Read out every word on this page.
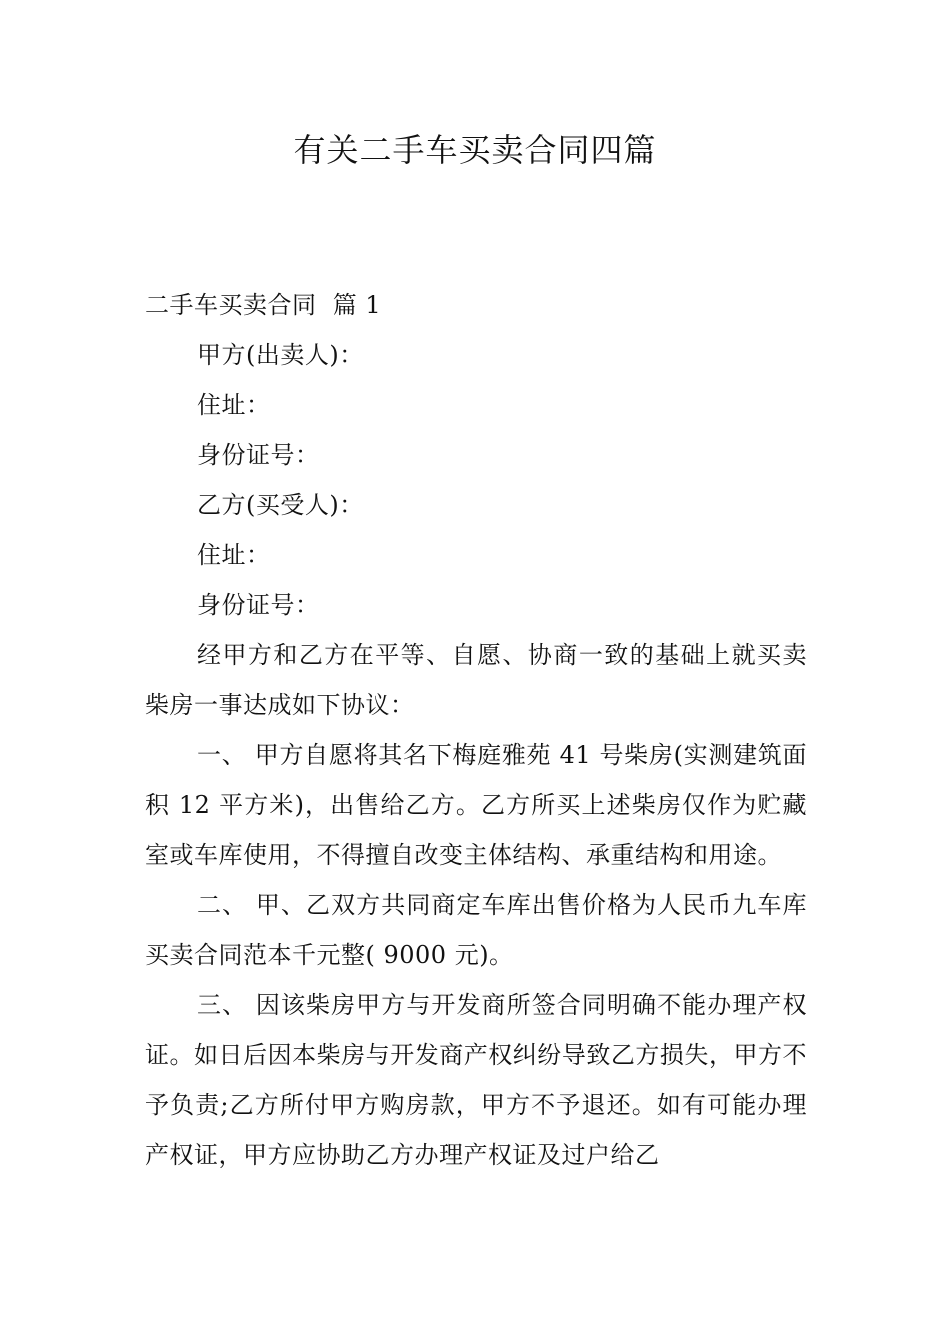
有关二手车买卖合同四篇
二手车买卖合同  篇 1
甲方(出卖人)：
住址：
身份证号：
乙方(买受人)：
住址：
身份证号：

经甲方和乙方在平等、自愿、协商一致的基础上就买卖柴房一事达成如下协议：

一、 甲方自愿将其名下梅庭雅苑 41 号柴房(实测建筑面积 12 平方米)，出售给乙方。乙方所买上述柴房仅作为贮藏室或车库使用，不得擅自改变主体结构、承重结构和用途。

二、 甲、乙双方共同商定车库出售价格为人民币九车库买卖合同范本千元整( 9000 元)。

三、 因该柴房甲方与开发商所签合同明确不能办理产权证。如日后因本柴房与开发商产权纠纷导致乙方损失，甲方不予负责;乙方所付甲方购房款，甲方不予退还。如有可能办理产权证，甲方应协助乙方办理产权证及过户给乙
